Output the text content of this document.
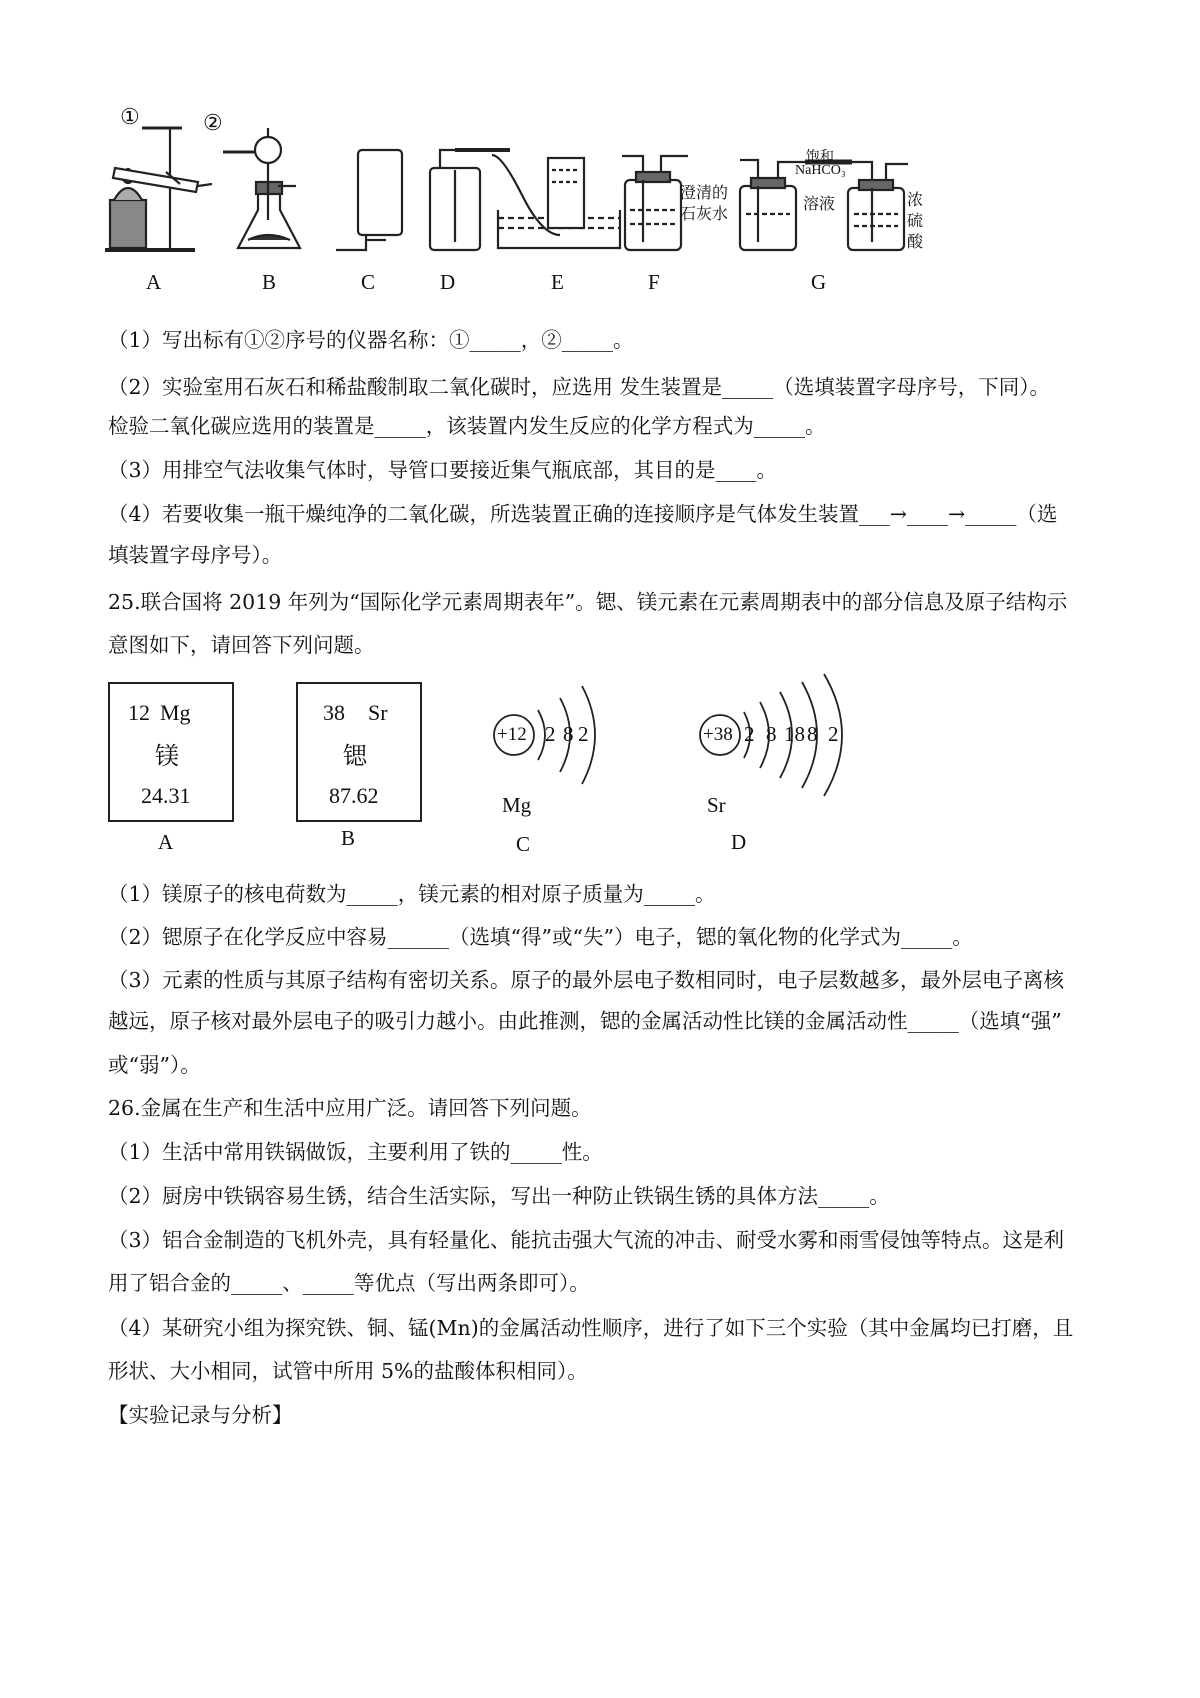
①	②
澄清的
石灰水
饱和
NaHCO₃
溶液	浓
硫
酸
A	B	C	D	E	F	G
（1）写出标有①②序号的仪器名称：①_____，②_____。
（2）实验室用石灰石和稀盐酸制取二氧化碳时，应选用 发生装置是_____（选填装置字母序号，下同）。
检验二氧化碳应选用的装置是_____，该装置内发生反应的化学方程式为_____。
（3）用排空气法收集气体时，导管口要接近集气瓶底部，其目的是____。
（4）若要收集一瓶干燥纯净的二氧化碳，所选装置正确的连接顺序是气体发生装置___→____→_____（选
填装置字母序号）。
25.联合国将 2019 年列为“国际化学元素周期表年”。锶、镁元素在元素周期表中的部分信息及原子结构示
意图如下，请回答下列问题。
12 Mg
镁
24.31
38 Sr
锶
87.62
+12 2 8 2	+38 2 8 18 8 2
Mg	Sr
A	B	C	D
（1）镁原子的核电荷数为_____，镁元素的相对原子质量为_____。
（2）锶原子在化学反应中容易______（选填“得”或“失”）电子，锶的氧化物的化学式为_____。
（3）元素的性质与其原子结构有密切关系。原子的最外层电子数相同时，电子层数越多，最外层电子离核
越远，原子核对最外层电子的吸引力越小。由此推测，锶的金属活动性比镁的金属活动性_____（选填“强”
或“弱”）。
26.金属在生产和生活中应用广泛。请回答下列问题。
（1）生活中常用铁锅做饭，主要利用了铁的_____性。
（2）厨房中铁锅容易生锈，结合生活实际，写出一种防止铁锅生锈的具体方法_____。
（3）铝合金制造的飞机外壳，具有轻量化、能抗击强大气流的冲击、耐受水雾和雨雪侵蚀等特点。这是利
用了铝合金的_____、_____等优点（写出两条即可）。
（4）某研究小组为探究铁、铜、锰(Mn)的金属活动性顺序，进行了如下三个实验（其中金属均已打磨，且
形状、大小相同，试管中所用 5%的盐酸体积相同）。
【实验记录与分析】
